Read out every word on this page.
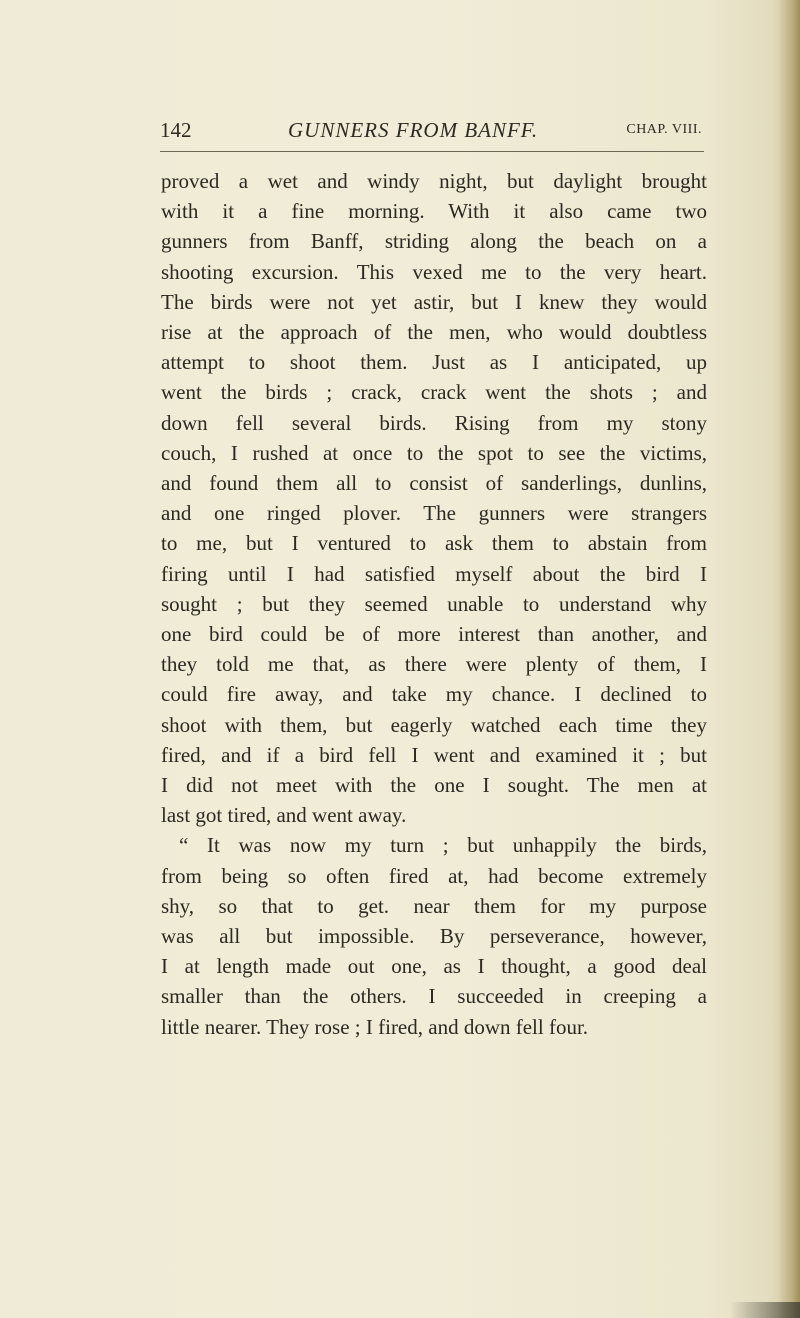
142	GUNNERS FROM BANFF.	CHAP. VIII.
proved a wet and windy night, but daylight brought
with it a fine morning. With it also came two
gunners from Banff, striding along the beach on a
shooting excursion. This vexed me to the very heart.
The birds were not yet astir, but I knew they would
rise at the approach of the men, who would doubtless
attempt to shoot them. Just as I anticipated, up
went the birds ; crack, crack went the shots ; and
down fell several birds. Rising from my stony
couch, I rushed at once to the spot to see the victims,
and found them all to consist of sanderlings, dunlins,
and one ringed plover. The gunners were strangers
to me, but I ventured to ask them to abstain from
firing until I had satisfied myself about the bird I
sought ; but they seemed unable to understand why
one bird could be of more interest than another, and
they told me that, as there were plenty of them, I
could fire away, and take my chance. I declined to
shoot with them, but eagerly watched each time they
fired, and if a bird fell I went and examined it ; but
I did not meet with the one I sought. The men at
last got tired, and went away.
“ It was now my turn ; but unhappily the birds,
from being so often fired at, had become extremely
shy, so that to get. near them for my purpose
was all but impossible. By perseverance, however,
I at length made out one, as I thought, a good deal
smaller than the others. I succeeded in creeping a
little nearer. They rose ; I fired, and down fell four.
